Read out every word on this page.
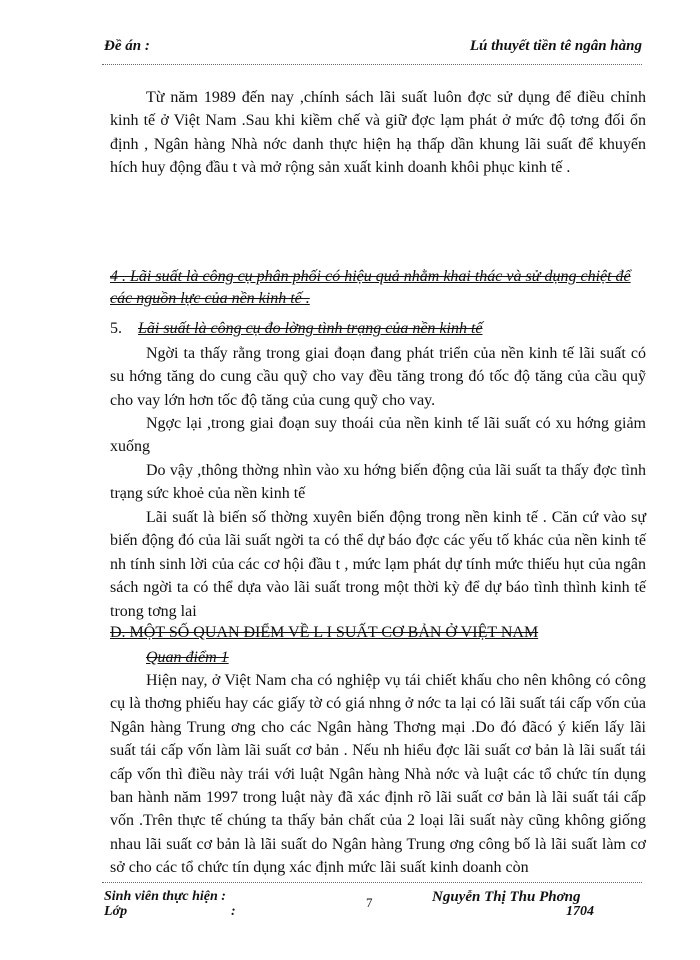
Đề án :	Lú thuyết tiền tê ngân hàng

Từ năm 1989 đến nay ,chính sách lãi suất luôn đợc sử dụng để điều chỉnh kinh tế ở Việt Nam .Sau khi kiềm chế và giữ đợc lạm phát ở mức độ tơng đối ổn định , Ngân hàng Nhà nớc danh thực hiện hạ thấp dần khung lãi suất để khuyến hích huy động đầu t và mở rộng sản xuất kinh doanh khôi phục kinh tế .

4 . Lãi suất là công cụ phân phối có hiệu quả nhằm khai thác và sử dụng chiệt để các nguồn lực của nền kinh tế .

5. Lãi suất là công cụ đo lờng tình trạng của nền kinh tế

Ngời ta thấy rằng trong giai đoạn đang phát triển của nền kinh tế lãi suất có su hớng tăng do cung cầu quỹ cho vay đều tăng trong đó tốc độ tăng của cầu quỹ cho vay lớn hơn tốc độ tăng của cung quỹ cho vay.

Ngợc lại ,trong giai đoạn suy thoái của nền kinh tế lãi suất có xu hớng giảm xuống

Do vậy ,thông thờng nhìn vào xu hớng biến động của lãi suất ta thấy đợc tình trạng sức khoẻ của nền kinh tế

Lãi suất là biến số thờng xuyên biến động trong nền kinh tế . Căn cứ vào sự biến động đó của lãi suất ngời ta có thể dự báo đợc các yếu tố khác của nền kinh tế nh tính sinh lời của các cơ hội đầu t , mức lạm phát dự tính mức thiếu hụt của ngân sách ngời ta có thể dựa vào lãi suất trong một thời kỳ để dự báo tình thình kinh tế trong tơng lai

D. MỘT SỐ QUAN ĐIỂM VỀ L I SUẤT CƠ BẢN Ở VIỆT NAM

Quan điểm 1

Hiện nay, ở Việt Nam cha có nghiệp vụ tái chiết khấu cho nên không có công cụ là thơng phiếu hay các giấy tờ có giá nhng ở nớc ta lại có lãi suất tái cấp vốn của Ngân hàng Trung ơng cho các Ngân hàng Thơng mại .Do đó đãcó ý kiến lấy lãi suất tái cấp vốn làm lãi suất cơ bản . Nếu nh hiểu đợc lãi suất cơ bản là lãi suất tái cấp vốn thì điều này trái với luật Ngân hàng Nhà nớc và luật các tổ chức tín dụng ban hành năm 1997 trong luật này đã xác định rõ lãi suất cơ bản là lãi suất tái cấp vốn .Trên thực tế chúng ta thấy bản chất của 2 loại lãi suất này cũng không giống nhau lãi suất cơ bản là lãi suất do Ngân hàng Trung ơng công bố là lãi suất làm cơ sở cho các tổ chức tín dụng xác định mức lãi suất kinh doanh còn

Sinh viên thực hiện :
Lớp	:
7	Nguyễn Thị Thu Phơng
1704
